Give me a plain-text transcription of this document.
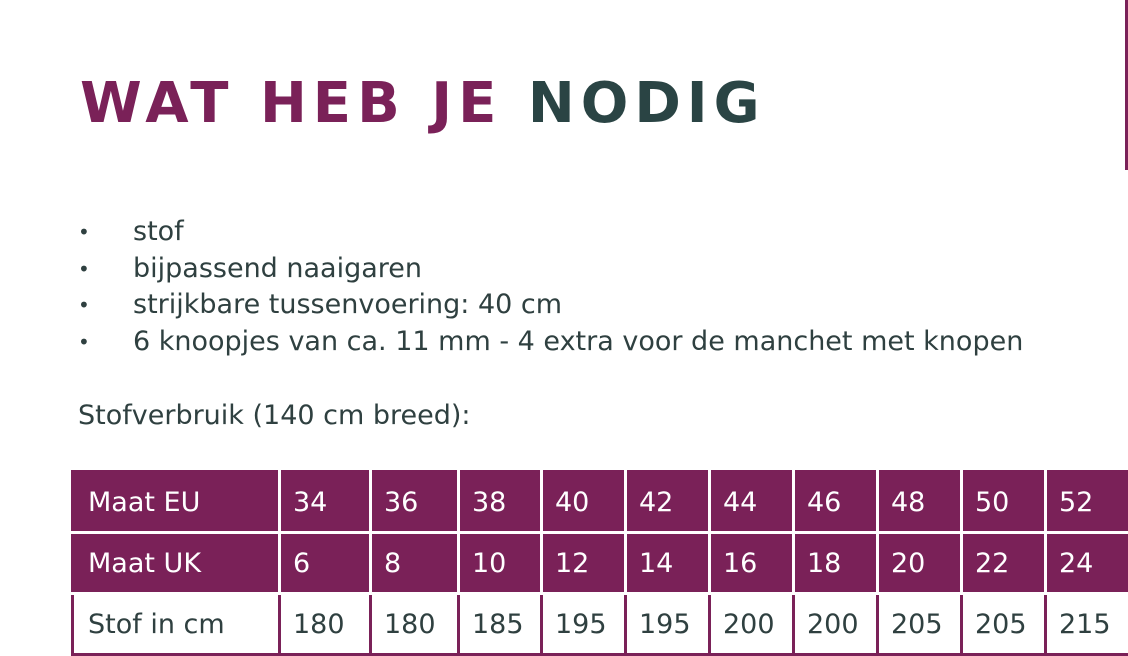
WAT HEB JE NODIG
• stof
• bijpassend naaigaren
• strijkbare tussenvoering: 40 cm
• 6 knoopjes van ca. 11 mm - 4 extra voor de manchet met knopen

Stofverbruik (140 cm breed):

Maat EU	34	36	38	40	42	44	46	48	50	52
Maat UK	6	8	10	12	14	16	18	20	22	24
Stof in cm	180	180	185	195	195	200	200	205	205	215
